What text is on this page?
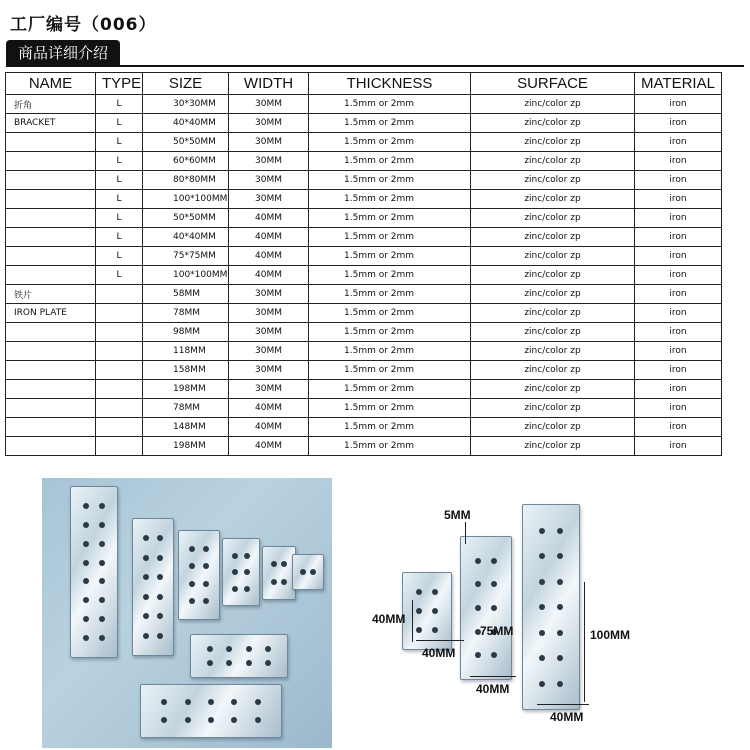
工厂编号（006）
商品详细介绍
NAME	TYPE	SIZE	WIDTH	THICKNESS	SURFACE	MATERIAL
折角	L	30*30MM	30MM	1.5mm or 2mm	zinc/color zp	iron
BRACKET	L	40*40MM	30MM	1.5mm or 2mm	zinc/color zp	iron
	L	50*50MM	30MM	1.5mm or 2mm	zinc/color zp	iron
	L	60*60MM	30MM	1.5mm or 2mm	zinc/color zp	iron
	L	80*80MM	30MM	1.5mm or 2mm	zinc/color zp	iron
	L	100*100MM	30MM	1.5mm or 2mm	zinc/color zp	iron
	L	50*50MM	40MM	1.5mm or 2mm	zinc/color zp	iron
	L	40*40MM	40MM	1.5mm or 2mm	zinc/color zp	iron
	L	75*75MM	40MM	1.5mm or 2mm	zinc/color zp	iron
	L	100*100MM	40MM	1.5mm or 2mm	zinc/color zp	iron
铁片		58MM	30MM	1.5mm or 2mm	zinc/color zp	iron
IRON PLATE		78MM	30MM	1.5mm or 2mm	zinc/color zp	iron
		98MM	30MM	1.5mm or 2mm	zinc/color zp	iron
		118MM	30MM	1.5mm or 2mm	zinc/color zp	iron
		158MM	30MM	1.5mm or 2mm	zinc/color zp	iron
		198MM	30MM	1.5mm or 2mm	zinc/color zp	iron
		78MM	40MM	1.5mm or 2mm	zinc/color zp	iron
		148MM	40MM	1.5mm or 2mm	zinc/color zp	iron
		198MM	40MM	1.5mm or 2mm	zinc/color zp	iron
5MM
40MM
40MM
75MM
40MM
100MM
40MM
